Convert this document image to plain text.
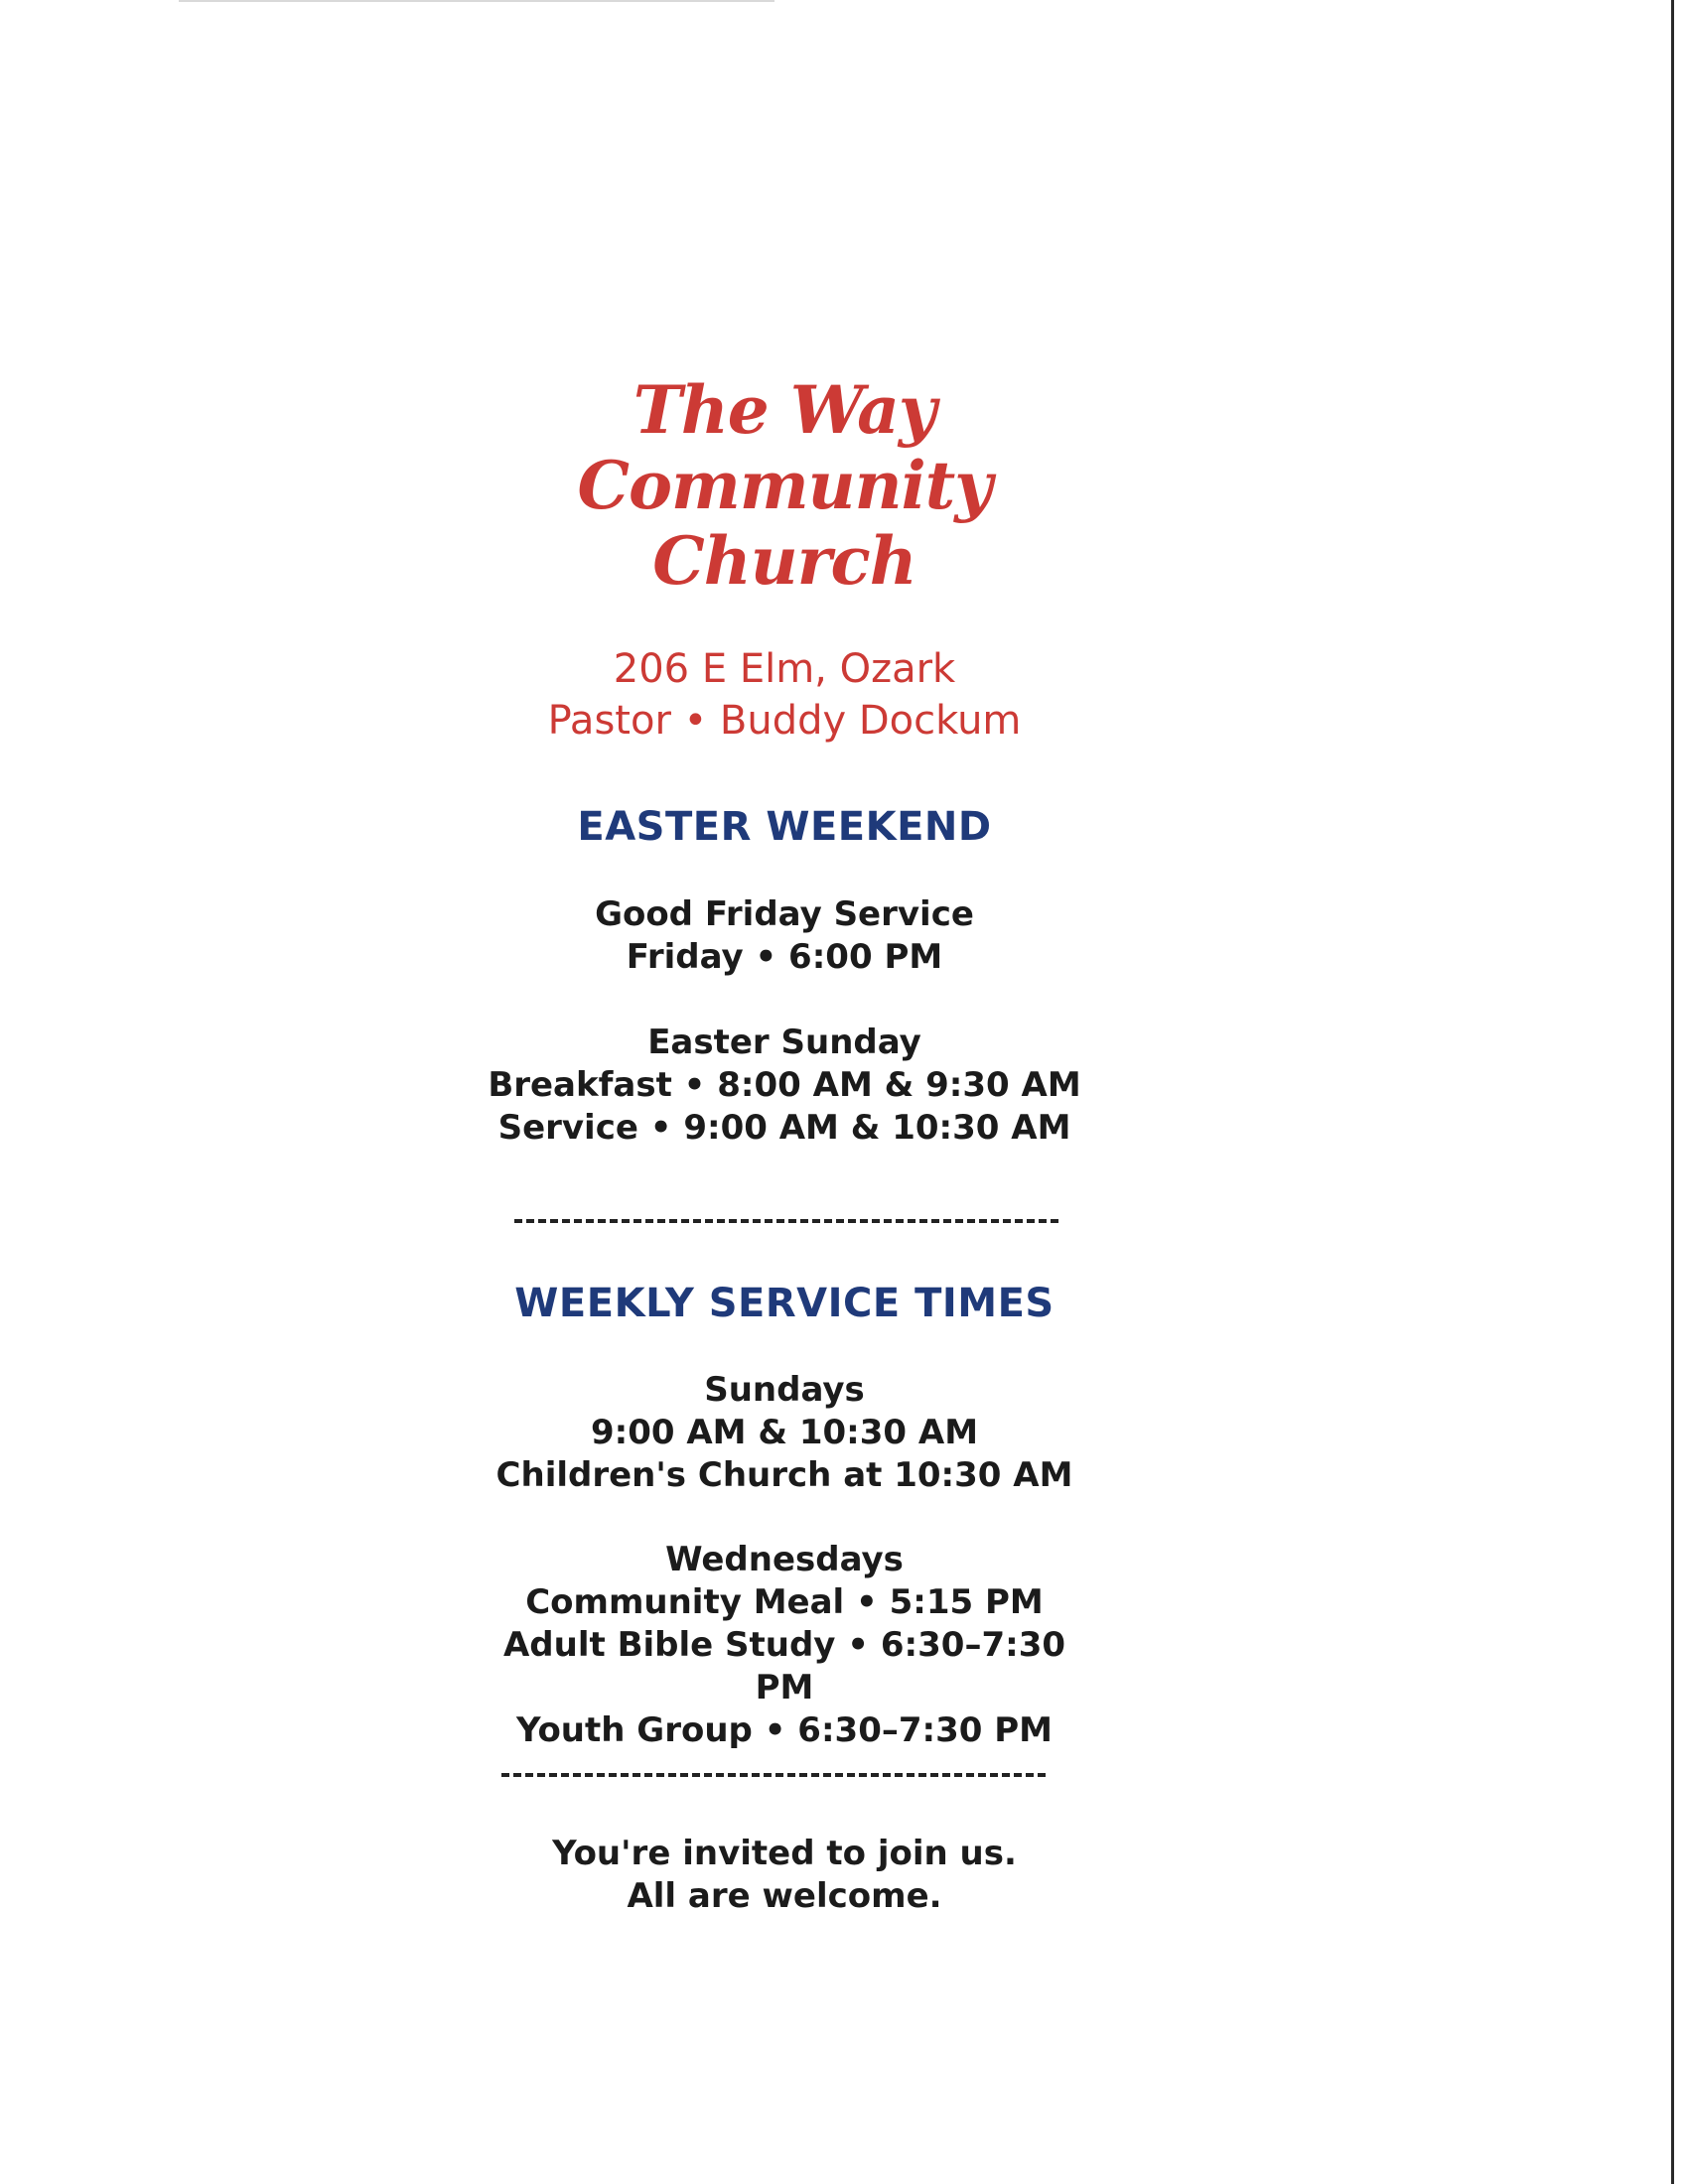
The Way
Community
Church
206 E Elm, Ozark
Pastor • Buddy Dockum
EASTER WEEKEND
Good Friday Service
Friday • 6:00 PM
Easter Sunday
Breakfast • 8:00 AM & 9:30 AM
Service • 9:00 AM & 10:30 AM
WEEKLY SERVICE TIMES
Sundays
9:00 AM & 10:30 AM
Children's Church at 10:30 AM
Wednesdays
Community Meal • 5:15 PM
Adult Bible Study • 6:30–7:30 PM
Youth Group • 6:30–7:30 PM
You're invited to join us.
All are welcome.
